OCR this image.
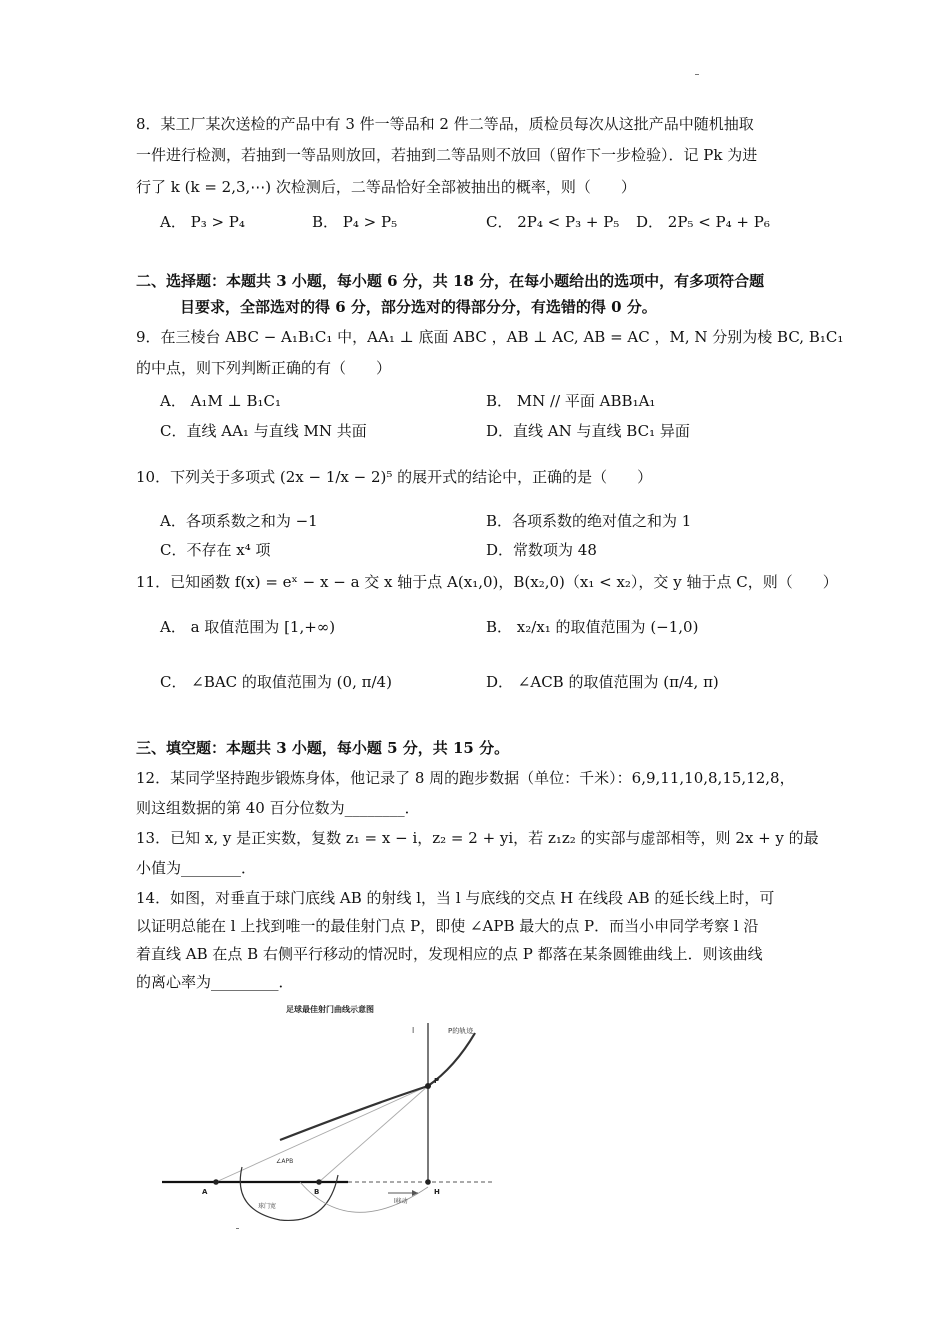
8．某工厂某次送检的产品中有 3 件一等品和 2 件二等品，质检员每次从这批产品中随机抽取
一件进行检测，若抽到一等品则放回，若抽到二等品则不放回（留作下一步检验）．记 Pk 为进
行了 k (k = 2,3,⋯) 次检测后，二等品恰好全部被抽出的概率，则（　　）
A． P₃ > P₄	B． P₄ > P₅	C． 2P₄ < P₃ + P₅ D． 2P₅ < P₄ + P₆
二、选择题：本题共 3 小题，每小题 6 分，共 18 分，在每小题给出的选项中，有多项符合题
目要求，全部选对的得 6 分，部分选对的得部分分，有选错的得 0 分。
9．在三棱台 ABC − A₁B₁C₁ 中，AA₁ ⊥ 底面 ABC ，AB ⊥ AC, AB = AC ，M, N 分别为棱 BC, B₁C₁
的中点，则下列判断正确的有（　　）
A． A₁M ⊥ B₁C₁	B． MN // 平面 ABB₁A₁
C．直线 AA₁ 与直线 MN 共面	D．直线 AN 与直线 BC₁ 异面
10．下列关于多项式 (2x − 1/x − 2)⁵ 的展开式的结论中，正确的是（　　）
A．各项系数之和为 −1	B．各项系数的绝对值之和为 1
C．不存在 x⁴ 项	D．常数项为 48
11．已知函数 f(x) = eˣ − x − a 交 x 轴于点 A(x₁,0)，B(x₂,0)（x₁ < x₂），交 y 轴于点 C，则（　　）
A． a 取值范围为 [1,+∞)	B． x₂/x₁ 的取值范围为 (−1,0)
C． ∠BAC 的取值范围为 (0, π/4)	D． ∠ACB 的取值范围为 (π/4, π)
三、填空题：本题共 3 小题，每小题 5 分，共 15 分。
12．某同学坚持跑步锻炼身体，他记录了 8 周的跑步数据（单位：千米）：6,9,11,10,8,15,12,8，
则这组数据的第 40 百分位数为________．
13．已知 x, y 是正实数，复数 z₁ = x − i，z₂ = 2 + yi，若 z₁z₂ 的实部与虚部相等，则 2x + y 的最
小值为________．
14．如图，对垂直于球门底线 AB 的射线 l，当 l 与底线的交点 H 在线段 AB 的延长线上时，可
以证明总能在 l 上找到唯一的最佳射门点 P，即使 ∠APB 最大的点 P．而当小申同学考察 l 沿
着直线 AB 在点 B 右侧平行移动的情况时，发现相应的点 P 都落在某条圆锥曲线上．则该曲线
的离心率为_________．
足球最佳射门曲线示意图
l	P的轨迹
l移动
A	B	H
P
∠APB
球门宽
